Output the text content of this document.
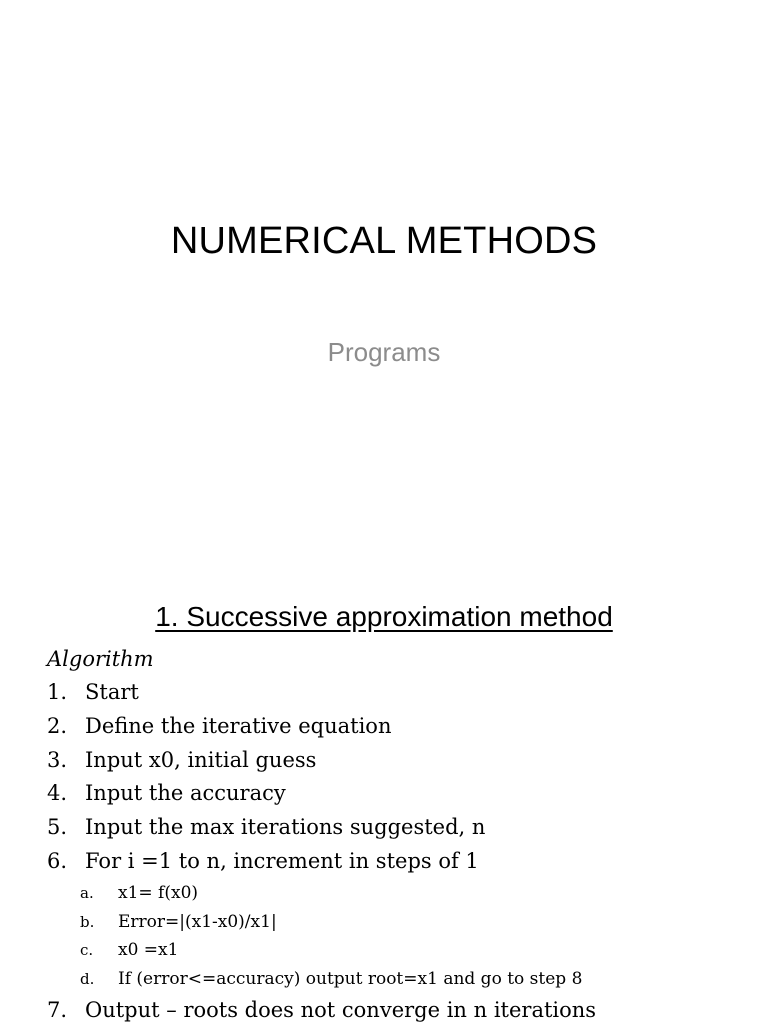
NUMERICAL METHODS
Programs
1. Successive approximation method
Algorithm
1. Start
2. Define the iterative equation
3. Input x0, initial guess
4. Input the accuracy
5. Input the max iterations suggested, n
6. For i =1 to n, increment in steps of 1
a. x1= f(x0)
b. Error=|(x1-x0)/x1|
c. x0 =x1
d. If (error<=accuracy) output root=x1 and go to step 8
7. Output – roots does not converge in n iterations
